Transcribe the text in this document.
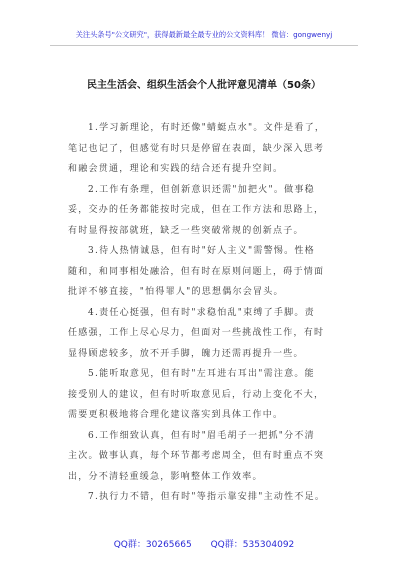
关注头条号"公文研究"，获得最新最全最专业的公文资料库！ 微信：gongwenyj
民主生活会、组织生活会个人批评意见清单（50条）
1.学习新理论，有时还像"蜻蜓点水"。文件是看了，
笔记也记了，但感觉有时只是停留在表面，缺少深入思考
和融会贯通，理论和实践的结合还有提升空间。
2.工作有条理，但创新意识还需"加把火"。做事稳
妥，交办的任务都能按时完成，但在工作方法和思路上，
有时显得按部就班，缺乏一些突破常规的创新点子。
3.待人热情诚恳，但有时"好人主义"需警惕。性格
随和，和同事相处融洽，但有时在原则问题上，碍于情面
批评不够直接，"怕得罪人"的思想偶尔会冒头。
4.责任心挺强，但有时"求稳怕乱"束缚了手脚。责
任感强，工作上尽心尽力，但面对一些挑战性工作，有时
显得顾虑较多，放不开手脚，魄力还需再提升一些。
5.能听取意见，但有时"左耳进右耳出"需注意。能
接受别人的建议，但有时听取意见后，行动上变化不大，
需要更积极地将合理化建议落实到具体工作中。
6.工作细致认真，但有时"眉毛胡子一把抓"分不清
主次。做事认真，每个环节都考虑周全，但有时重点不突
出，分不清轻重缓急，影响整体工作效率。
7.执行力不错，但有时"等指示靠安排"主动性不足。
QQ群：30265665 QQ群：535304092
